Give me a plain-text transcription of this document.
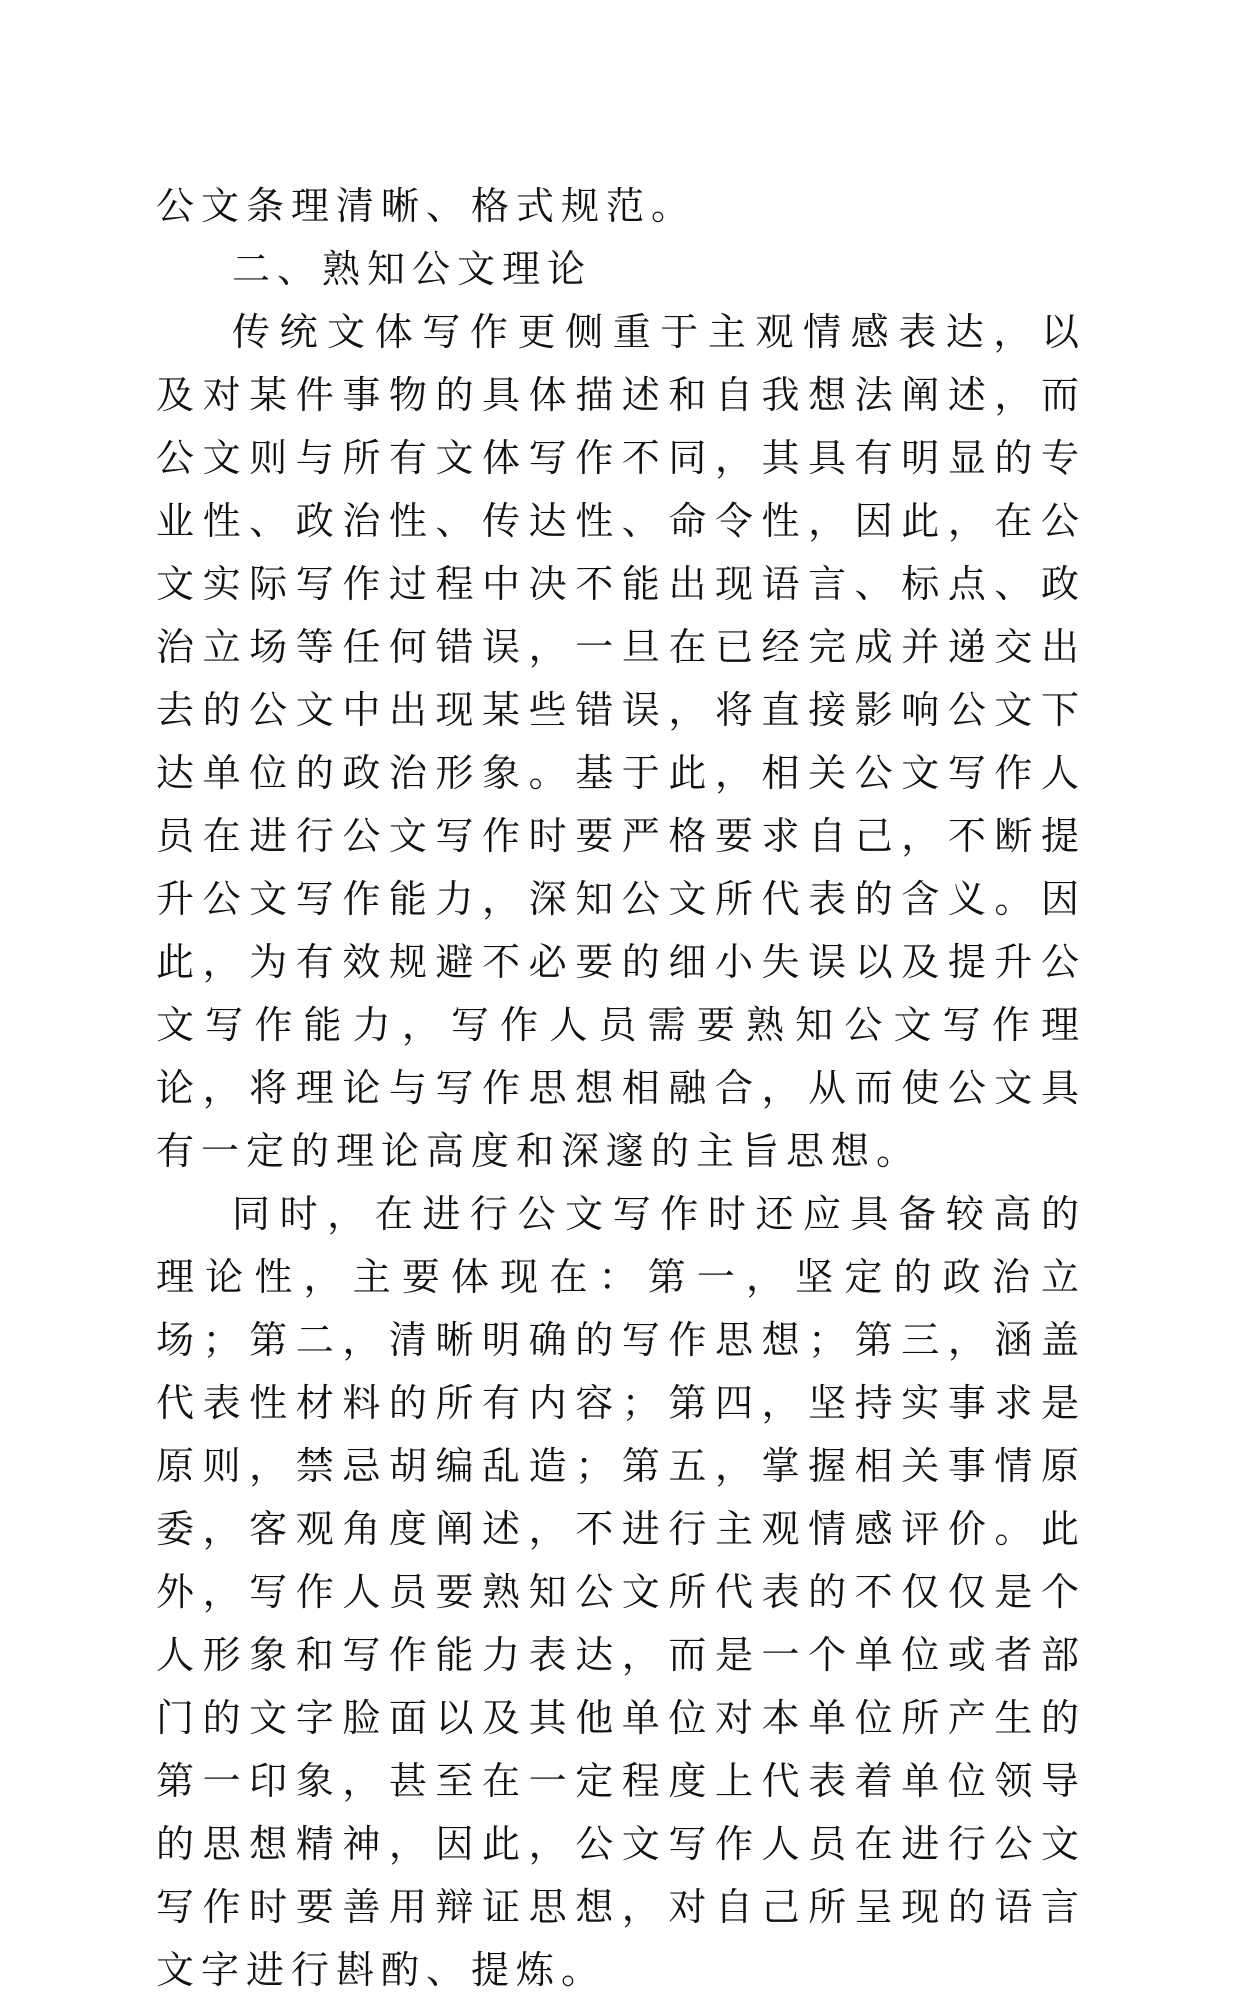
公文条理清晰、格式规范。

二、熟知公文理论

传统文体写作更侧重于主观情感表达，以及对某件事物的具体描述和自我想法阐述，而公文则与所有文体写作不同，其具有明显的专业性、政治性、传达性、命令性，因此，在公文实际写作过程中决不能出现语言、标点、政治立场等任何错误，一旦在已经完成并递交出去的公文中出现某些错误，将直接影响公文下达单位的政治形象。基于此，相关公文写作人员在进行公文写作时要严格要求自己，不断提升公文写作能力，深知公文所代表的含义。因此，为有效规避不必要的细小失误以及提升公文写作能力，写作人员需要熟知公文写作理论，将理论与写作思想相融合，从而使公文具有一定的理论高度和深邃的主旨思想。

同时，在进行公文写作时还应具备较高的理论性，主要体现在：第一，坚定的政治立场；第二，清晰明确的写作思想；第三，涵盖代表性材料的所有内容；第四，坚持实事求是原则，禁忌胡编乱造；第五，掌握相关事情原委，客观角度阐述，不进行主观情感评价。此外，写作人员要熟知公文所代表的不仅仅是个人形象和写作能力表达，而是一个单位或者部门的文字脸面以及其他单位对本单位所产生的第一印象，甚至在一定程度上代表着单位领导的思想精神，因此，公文写作人员在进行公文写作时要善用辩证思想，对自己所呈现的语言文字进行斟酌、提炼。
